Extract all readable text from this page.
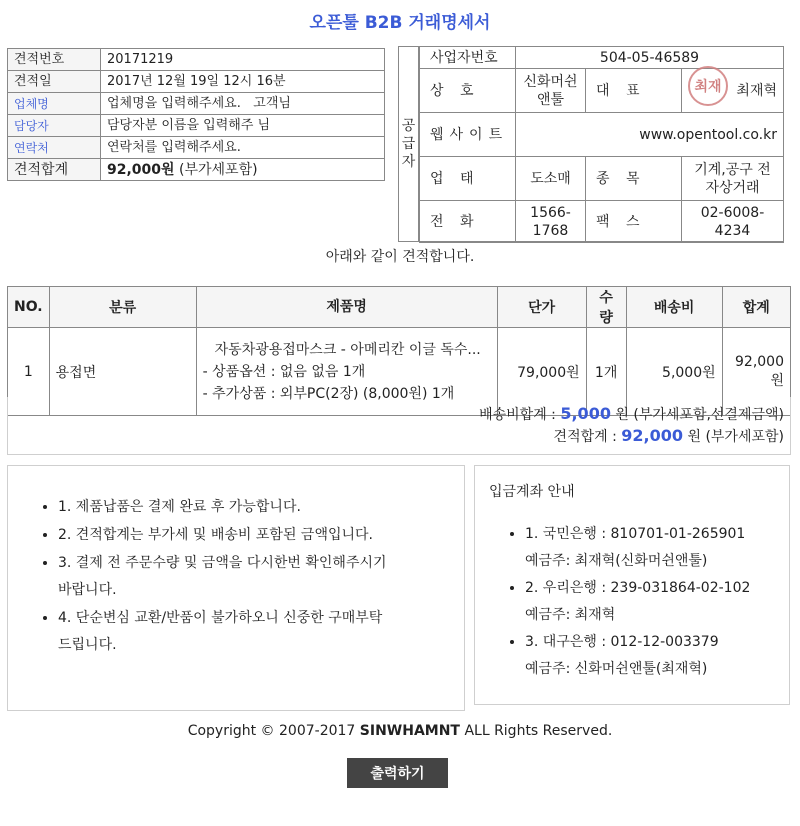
오픈툴 B2B 거래명세서
견적번호	20171219
견적일	2017년 12월 19일 12시 16분
업체명	업체명을 입력해주세요. 고객님
담당자	담당자분 이름을 입력해주 님
연락처	연락처를 입력해주세요.
견적합계	92,000원 (부가세포함)
공
급
자
사업자번호	504-05-46589		
상 호	신화머쉰앤툴	대 표	최재혁
웹사이트	www.opentool.co.kr		
업 태	도소매	종 목	기계,공구 전자상거래
전 화	1566-1768	팩 스	02-6008-4234
최재
아래와 같이 견적합니다.
NO.	분류	제품명	단가	수량	배송비	합계
1	용접면	자동차광용접마스크 - 아메리칸 이글 독수...
- 상품옵션 : 없음 없음 1개
- 추가상품 : 외부PC(2장) (8,000원) 1개	79,000원	1개	5,000원	92,000원
배송비합계 : 5,000 원 (부가세포함,선결제금액)
견적합계 : 92,000 원 (부가세포함)
• 1. 제품납품은 결제 완료 후 가능합니다.
• 2. 견적합계는 부가세 및 배송비 포함된 금액입니다.
• 3. 결제 전 주문수량 및 금액을 다시한번 확인해주시기 바랍니다.
• 4. 단순변심 교환/반품이 불가하오니 신중한 구매부탁드립니다.
입금계좌 안내
• 1. 국민은행 : 810701-01-265901
예금주: 최재혁(신화머쉰앤툴)
• 2. 우리은행 : 239-031864-02-102
예금주: 최재혁
• 3. 대구은행 : 012-12-003379
예금주: 신화머쉰앤툴(최재혁)
Copyright © 2007-2017 SINWHAMNT ALL Rights Reserved.
출력하기
